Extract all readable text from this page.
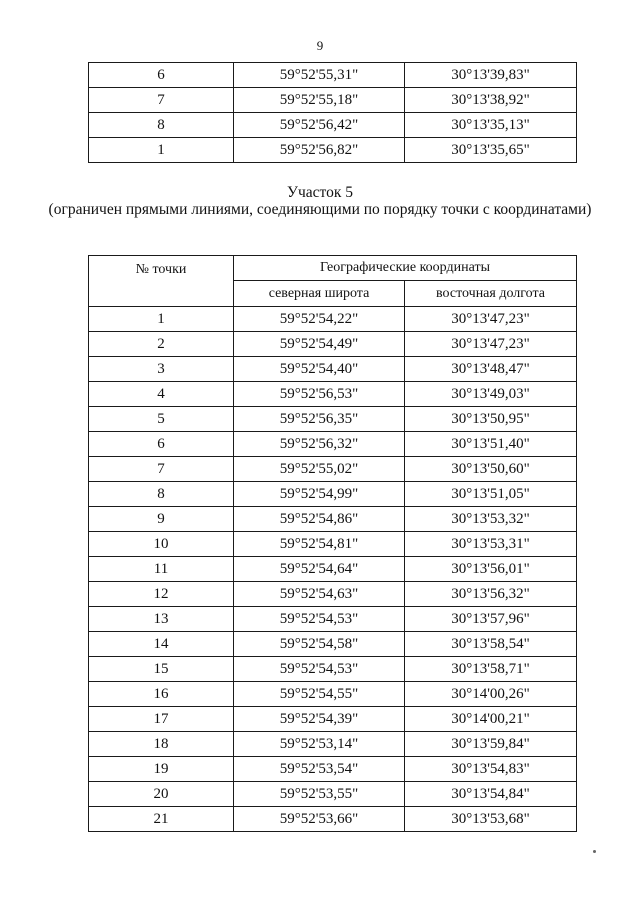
9
6	59°52'55,31"	30°13'39,83"
7	59°52'55,18"	30°13'38,92"
8	59°52'56,42"	30°13'35,13"
1	59°52'56,82"	30°13'35,65"
Участок 5
(ограничен прямыми линиями, соединяющими по порядку точки с координатами)
№ точки	Географические координаты	
	северная широта	восточная долгота
1	59°52'54,22"	30°13'47,23"
2	59°52'54,49"	30°13'47,23"
3	59°52'54,40"	30°13'48,47"
4	59°52'56,53"	30°13'49,03"
5	59°52'56,35"	30°13'50,95"
6	59°52'56,32"	30°13'51,40"
7	59°52'55,02"	30°13'50,60"
8	59°52'54,99"	30°13'51,05"
9	59°52'54,86"	30°13'53,32"
10	59°52'54,81"	30°13'53,31"
11	59°52'54,64"	30°13'56,01"
12	59°52'54,63"	30°13'56,32"
13	59°52'54,53"	30°13'57,96"
14	59°52'54,58"	30°13'58,54"
15	59°52'54,53"	30°13'58,71"
16	59°52'54,55"	30°14'00,26"
17	59°52'54,39"	30°14'00,21"
18	59°52'53,14"	30°13'59,84"
19	59°52'53,54"	30°13'54,83"
20	59°52'53,55"	30°13'54,84"
21	59°52'53,66"	30°13'53,68"
